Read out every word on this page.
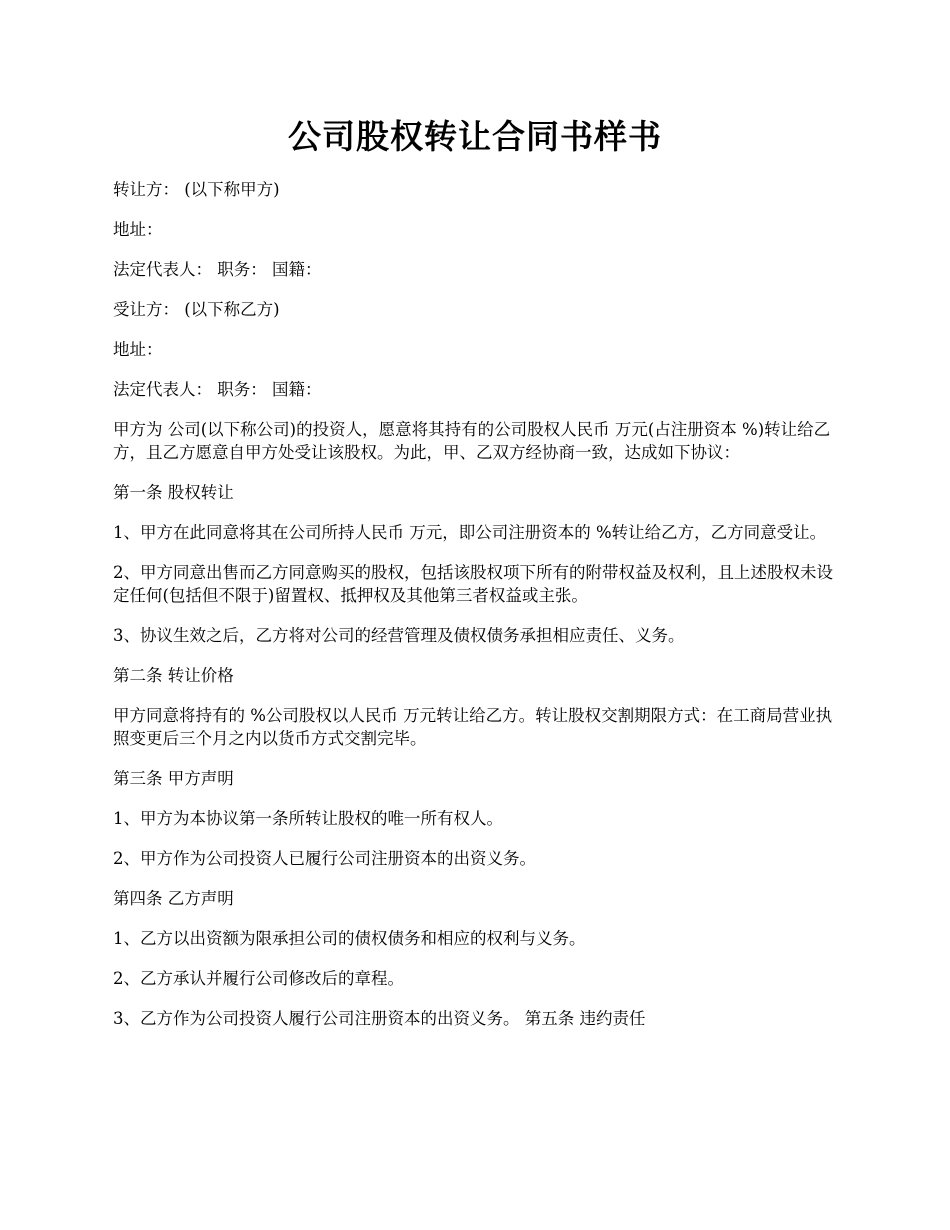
公司股权转让合同书样书

转让方： (以下称甲方)

地址：

法定代表人： 职务： 国籍：

受让方： (以下称乙方)

地址：

法定代表人： 职务： 国籍：

甲方为 公司(以下称公司)的投资人，愿意将其持有的公司股权人民币 万元(占注册资本 %)转让给乙方，且乙方愿意自甲方处受让该股权。为此，甲、乙双方经协商一致，达成如下协议：

第一条 股权转让

1、甲方在此同意将其在公司所持人民币 万元，即公司注册资本的 %转让给乙方，乙方同意受让。

2、甲方同意出售而乙方同意购买的股权，包括该股权项下所有的附带权益及权利，且上述股权未设定任何(包括但不限于)留置权、抵押权及其他第三者权益或主张。

3、协议生效之后，乙方将对公司的经营管理及债权债务承担相应责任、义务。

第二条 转让价格

甲方同意将持有的 %公司股权以人民币 万元转让给乙方。转让股权交割期限方式：在工商局营业执照变更后三个月之内以货币方式交割完毕。

第三条 甲方声明

1、甲方为本协议第一条所转让股权的唯一所有权人。

2、甲方作为公司投资人已履行公司注册资本的出资义务。

第四条 乙方声明

1、乙方以出资额为限承担公司的债权债务和相应的权利与义务。

2、乙方承认并履行公司修改后的章程。

3、乙方作为公司投资人履行公司注册资本的出资义务。 第五条 违约责任
